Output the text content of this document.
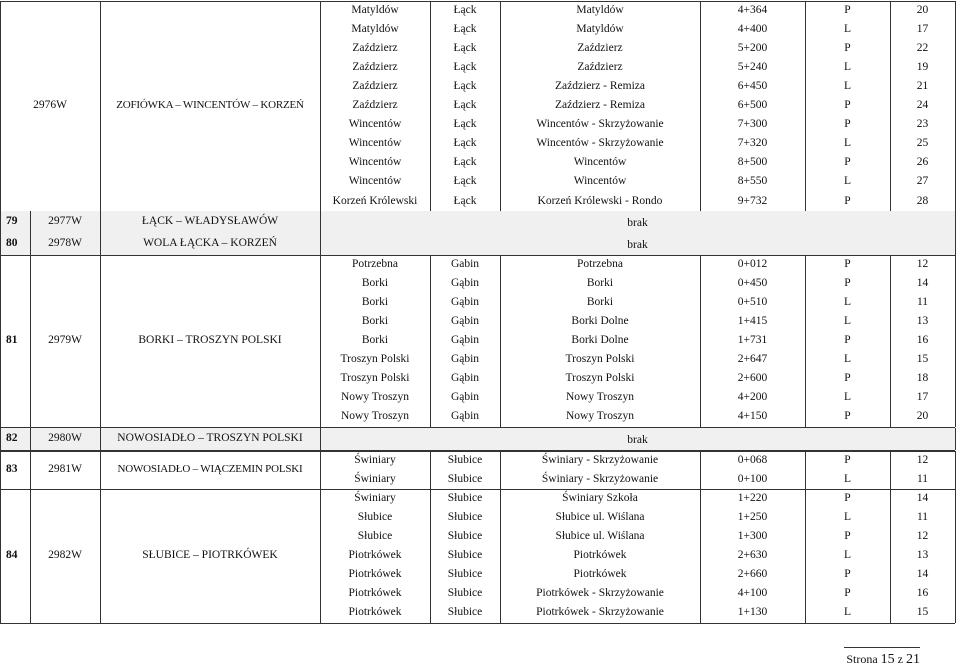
2976W	ZOFIÓWKA – WINCENTÓW – KORZEŃ
Matyldów	Łąck	Matyldów	4+364	P	20
Matyldów	Łąck	Matyldów	4+400	L	17
Zaździerz	Łąck	Zaździerz	5+200	P	22
Zaździerz	Łąck	Zaździerz	5+240	L	19
Zaździerz	Łąck	Zaździerz - Remiza	6+450	L	21
Zaździerz	Łąck	Zaździerz - Remiza	6+500	P	24
Wincentów	Łąck	Wincentów - Skrzyżowanie	7+300	P	23
Wincentów	Łąck	Wincentów - Skrzyżowanie	7+320	L	25
Wincentów	Łąck	Wincentów	8+500	P	26
Wincentów	Łąck	Wincentów	8+550	L	27
Korzeń Królewski	Łąck	Korzeń Królewski - Rondo	9+732	P	28
79	2977W	ŁĄCK – WŁADYSŁAWÓW	brak
80	2978W	WOLA ŁĄCKA – KORZEŃ	brak
81	2979W	BORKI – TROSZYN POLSKI
Potrzebna	Gabin	Potrzebna	0+012	P	12
Borki	Gąbin	Borki	0+450	P	14
Borki	Gąbin	Borki	0+510	L	11
Borki	Gąbin	Borki Dolne	1+415	L	13
Borki	Gąbin	Borki Dolne	1+731	P	16
Troszyn Polski	Gąbin	Troszyn Polski	2+647	L	15
Troszyn Polski	Gąbin	Troszyn Polski	2+600	P	18
Nowy Troszyn	Gąbin	Nowy Troszyn	4+200	L	17
Nowy Troszyn	Gąbin	Nowy Troszyn	4+150	P	20
82	2980W	NOWOSIADŁO – TROSZYN POLSKI	brak
83	2981W	NOWOSIADŁO – WIĄCZEMIN POLSKI
Świniary	Słubice	Świniary - Skrzyżowanie	0+068	P	12
Świniary	Słubice	Świniary - Skrzyżowanie	0+100	L	11
84	2982W	SŁUBICE – PIOTRKÓWEK
Świniary	Słubice	Świniary Szkoła	1+220	P	14
Słubice	Słubice	Słubice ul. Wiślana	1+250	L	11
Słubice	Słubice	Słubice ul. Wiślana	1+300	P	12
Piotrkówek	Słubice	Piotrkówek	2+630	L	13
Piotrkówek	Słubice	Piotrkówek	2+660	P	14
Piotrkówek	Słubice	Piotrkówek - Skrzyżowanie	4+100	P	16
Piotrkówek	Słubice	Piotrkówek - Skrzyżowanie	1+130	L	15
Strona 15 z 21
